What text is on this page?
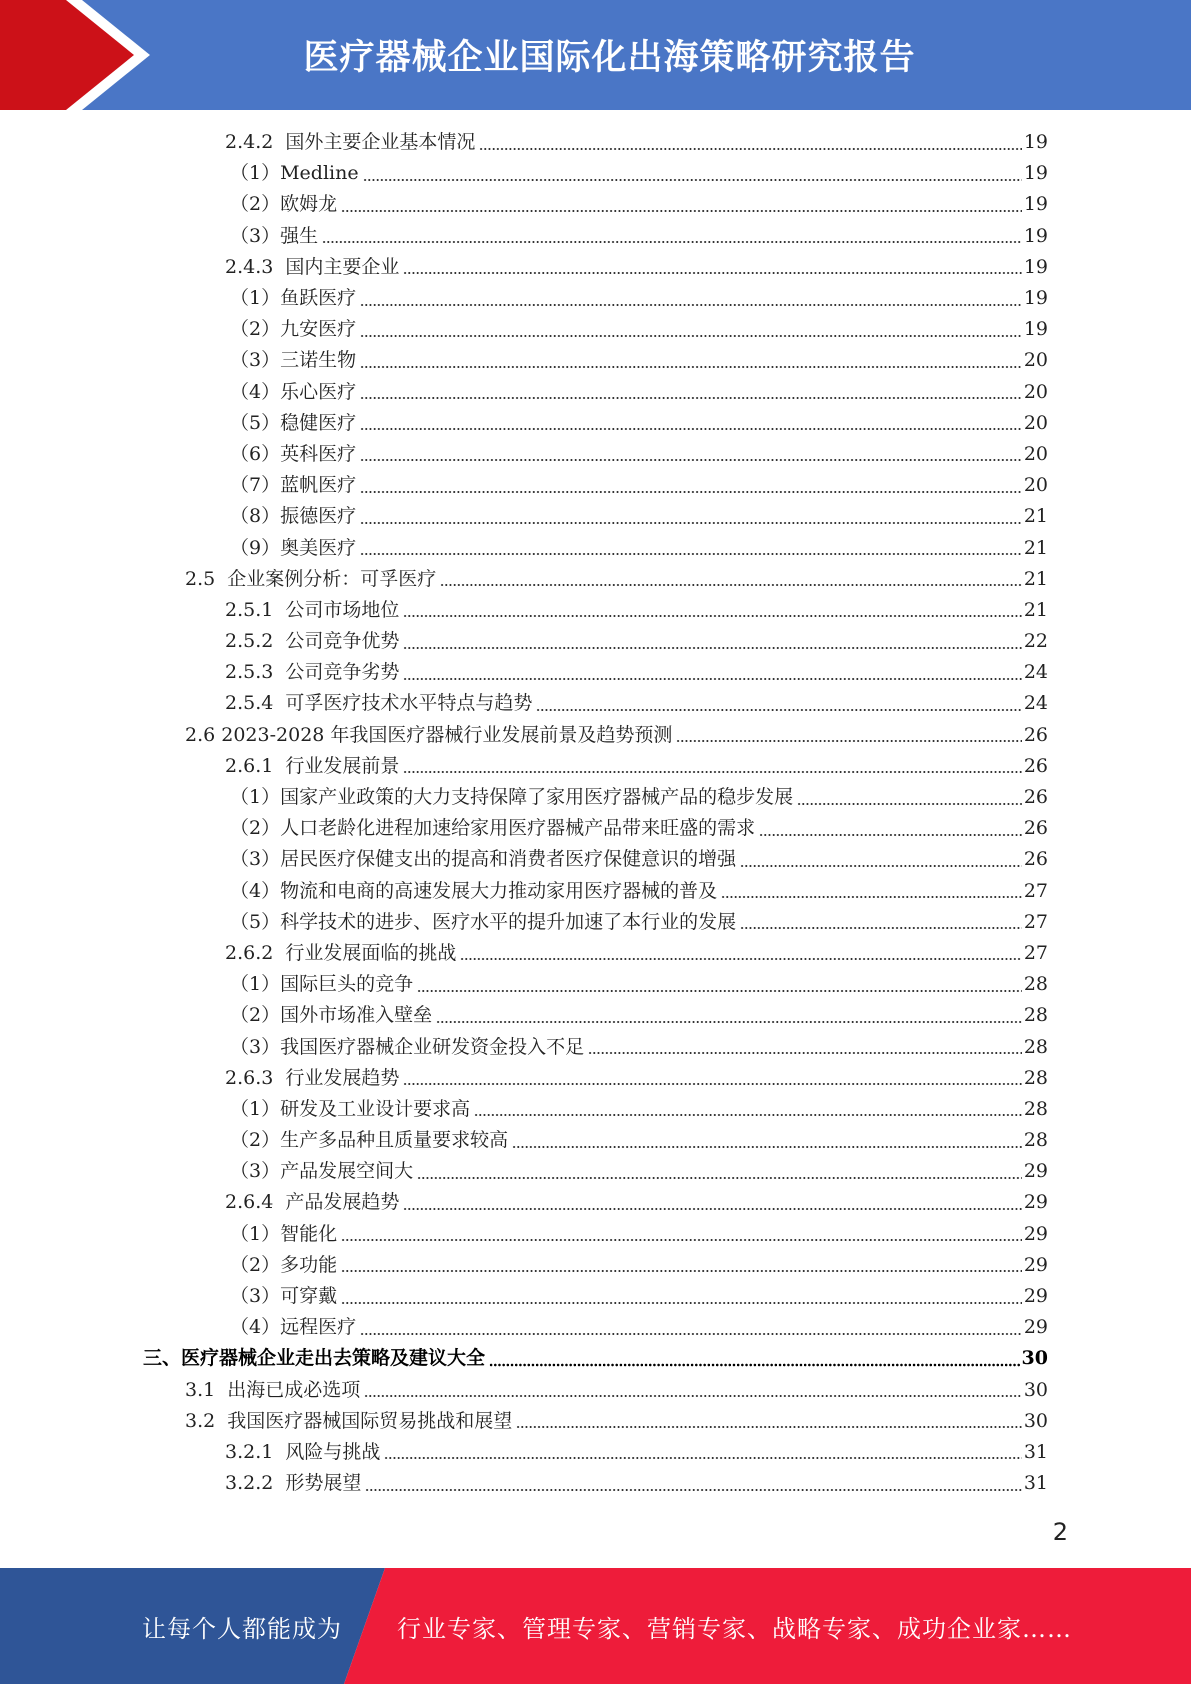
医疗器械企业国际化出海策略研究报告
2.4.2  国外主要企业基本情况	19
（1）Medline	19
（2）欧姆龙	19
（3）强生	19
2.4.3  国内主要企业	19
（1）鱼跃医疗	19
（2）九安医疗	19
（3）三诺生物	20
（4）乐心医疗	20
（5）稳健医疗	20
（6）英科医疗	20
（7）蓝帆医疗	20
（8）振德医疗	21
（9）奥美医疗	21
2.5  企业案例分析：可孚医疗	21
2.5.1  公司市场地位	21
2.5.2  公司竞争优势	22
2.5.3  公司竞争劣势	24
2.5.4  可孚医疗技术水平特点与趋势	24
2.6 2023-2028 年我国医疗器械行业发展前景及趋势预测	26
2.6.1  行业发展前景	26
（1）国家产业政策的大力支持保障了家用医疗器械产品的稳步发展	26
（2）人口老龄化进程加速给家用医疗器械产品带来旺盛的需求	26
（3）居民医疗保健支出的提高和消费者医疗保健意识的增强	26
（4）物流和电商的高速发展大力推动家用医疗器械的普及	27
（5）科学技术的进步、医疗水平的提升加速了本行业的发展	27
2.6.2  行业发展面临的挑战	27
（1）国际巨头的竞争	28
（2）国外市场准入壁垒	28
（3）我国医疗器械企业研发资金投入不足	28
2.6.3  行业发展趋势	28
（1）研发及工业设计要求高	28
（2）生产多品种且质量要求较高	28
（3）产品发展空间大	29
2.6.4  产品发展趋势	29
（1）智能化	29
（2）多功能	29
（3）可穿戴	29
（4）远程医疗	29
三、医疗器械企业走出去策略及建议大全	30
3.1  出海已成必选项	30
3.2  我国医疗器械国际贸易挑战和展望	30
3.2.1  风险与挑战	31
3.2.2  形势展望	31
2
让每个人都能成为 行业专家、管理专家、营销专家、战略专家、成功企业家……
